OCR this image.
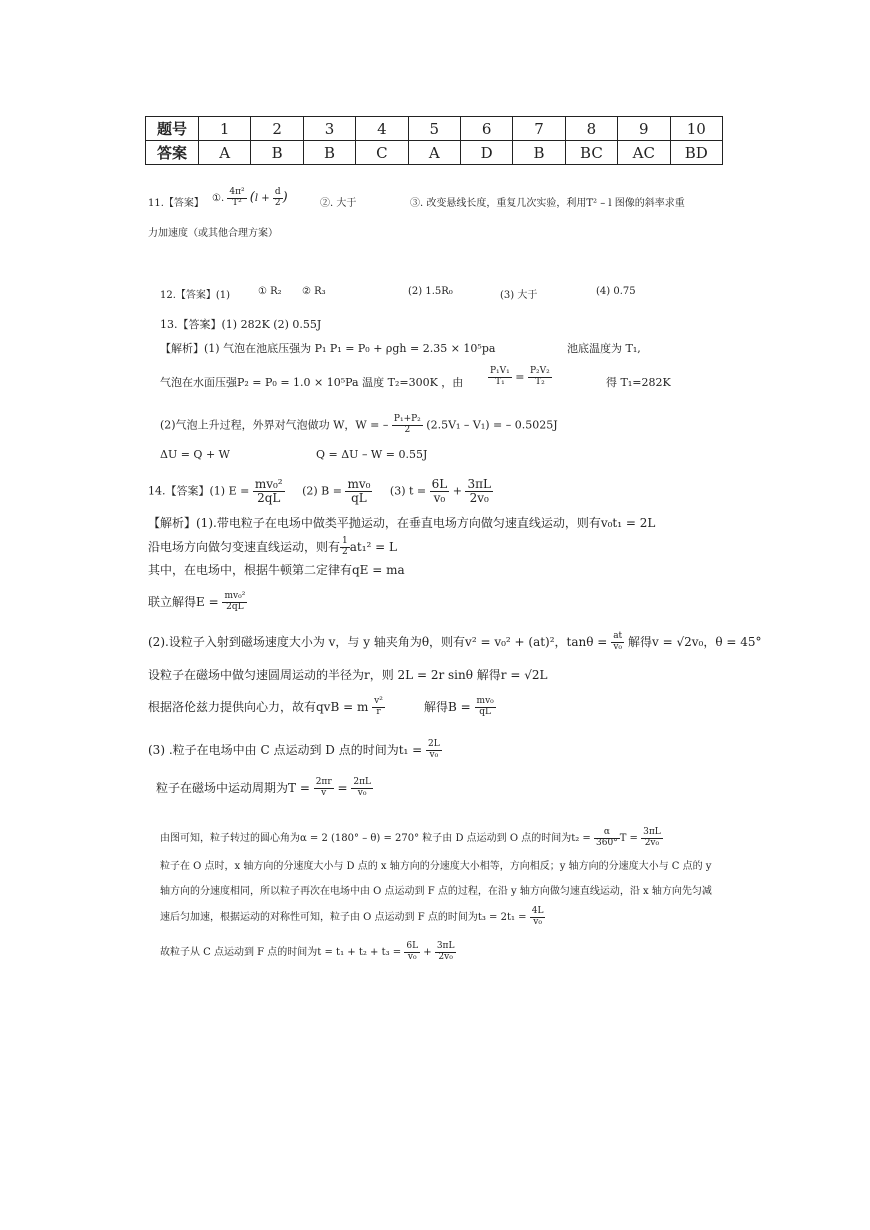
题号	1	2	3	4	5	6	7	8	9	10
答案	A	B	B	C	A	D	B	BC	AC	BD
11.【答案】 ①. $\frac{\text{4π²}}{\text{T²}} (l + \frac{d}{2}$ )	②. 大于	③. 改变悬线长度，重复几次实验，利用T² – l 图像的斜率求重
力加速度（或其他合理方案）
12.【答案】(1)	① R₂ ② R₃	(2) 1.5R₀	(3) 大于	(4) 0.75
13.【答案】(1) 282K (2) 0.55J
【解析】(1) 气泡在池底压强为 P₁ P₁ = P₀ + ρgh = 2.35 × 10⁵pa	池底温度为 T₁,
气泡在水面压强P₂ = P₀ = 1.0 × 10⁵Pa 温度 T₂=300K ，由	$\frac{\text{P₁V₁}}{\text{T₁}} = \frac{\text{P₂V₂}}{\text{T₂}}$	得 T₁=282K
(2)气泡上升过程，外界对气泡做功 W，W = – $\frac{\text{P₁+P₂}}{2} (2.5V_1 - V_1)$ = – 0.5025J
ΔU = Q + W	Q = ΔU – W = 0.55J
14.【答案】(1) $E = \frac{\text{mv₀²}}{2qL} (2) B = \frac{\text{mv₀}}{qL} (3) t = \frac{6L}{\text{v₀}} + \frac{3\pi L}{\text{2v₀}}$
【解析】(1).带电粒子在电场中做类平抛运动，在垂直电场方向做匀速直线运动，则有v₀t₁ = 2L
沿电场方向做匀变速直线运动，则有 $\frac{1}{2} at_1^2 = L$
其中，在电场中，根据牛顿第二定律有qE = ma
联立解得$E = \frac{\text{mv₀²}}{2qL}$
(2).设粒子入射到磁场速度大小为 v，与 y 轴夹角为θ，则有v² = v₀² + (at)²，$\tan\theta = \frac{at}{\text{v₀}}$ 解得v = √2v₀，θ = 45°
设粒子在磁场中做匀速圆周运动的半径为r，则 2L = 2r sinθ 解得r = √2L
根据洛伦兹力提供向心力，故有qvB = m $\frac{\text{v²}}{r}$	解得$B = \frac{\text{mv₀}}{qL}$
(3) .粒子在电场中由 C 点运动到 D 点的时间为$t_1 = \frac{2L}{\text{v₀}}$
粒子在磁场中运动周期为$T = \frac{2\pi r}{v} = \frac{2\pi L}{\text{v₀}}$
由图可知，粒子转过的圆心角为α = 2 (180° – θ) = 270° 粒子由 D 点运动到 O 点的时间为$t_2 = \frac{\alpha}{360^\circ}$ $T = \frac{3\pi L}{\text{2v₀}}$
粒子在 O 点时，x 轴方向的分速度大小与 D 点的 x 轴方向的分速度大小相等，方向相反；y 轴方向的分速度大小与 C 点的 y
轴方向的分速度相同，所以粒子再次在电场中由 O 点运动到 F 点的过程，在沿 y 轴方向做匀速直线运动，沿 x 轴方向先匀减
速后匀加速，根据运动的对称性可知，粒子由 O 点运动到 F 点的时间为$t_3 = 2t_1 = \frac{4L}{\text{v₀}}$
故粒子从 C 点运动到 F 点的时间为$t = t_1 + t_2 + t_3 = \frac{6L}{\text{v₀}} + \frac{3\pi L}{\text{2v₀}}$
